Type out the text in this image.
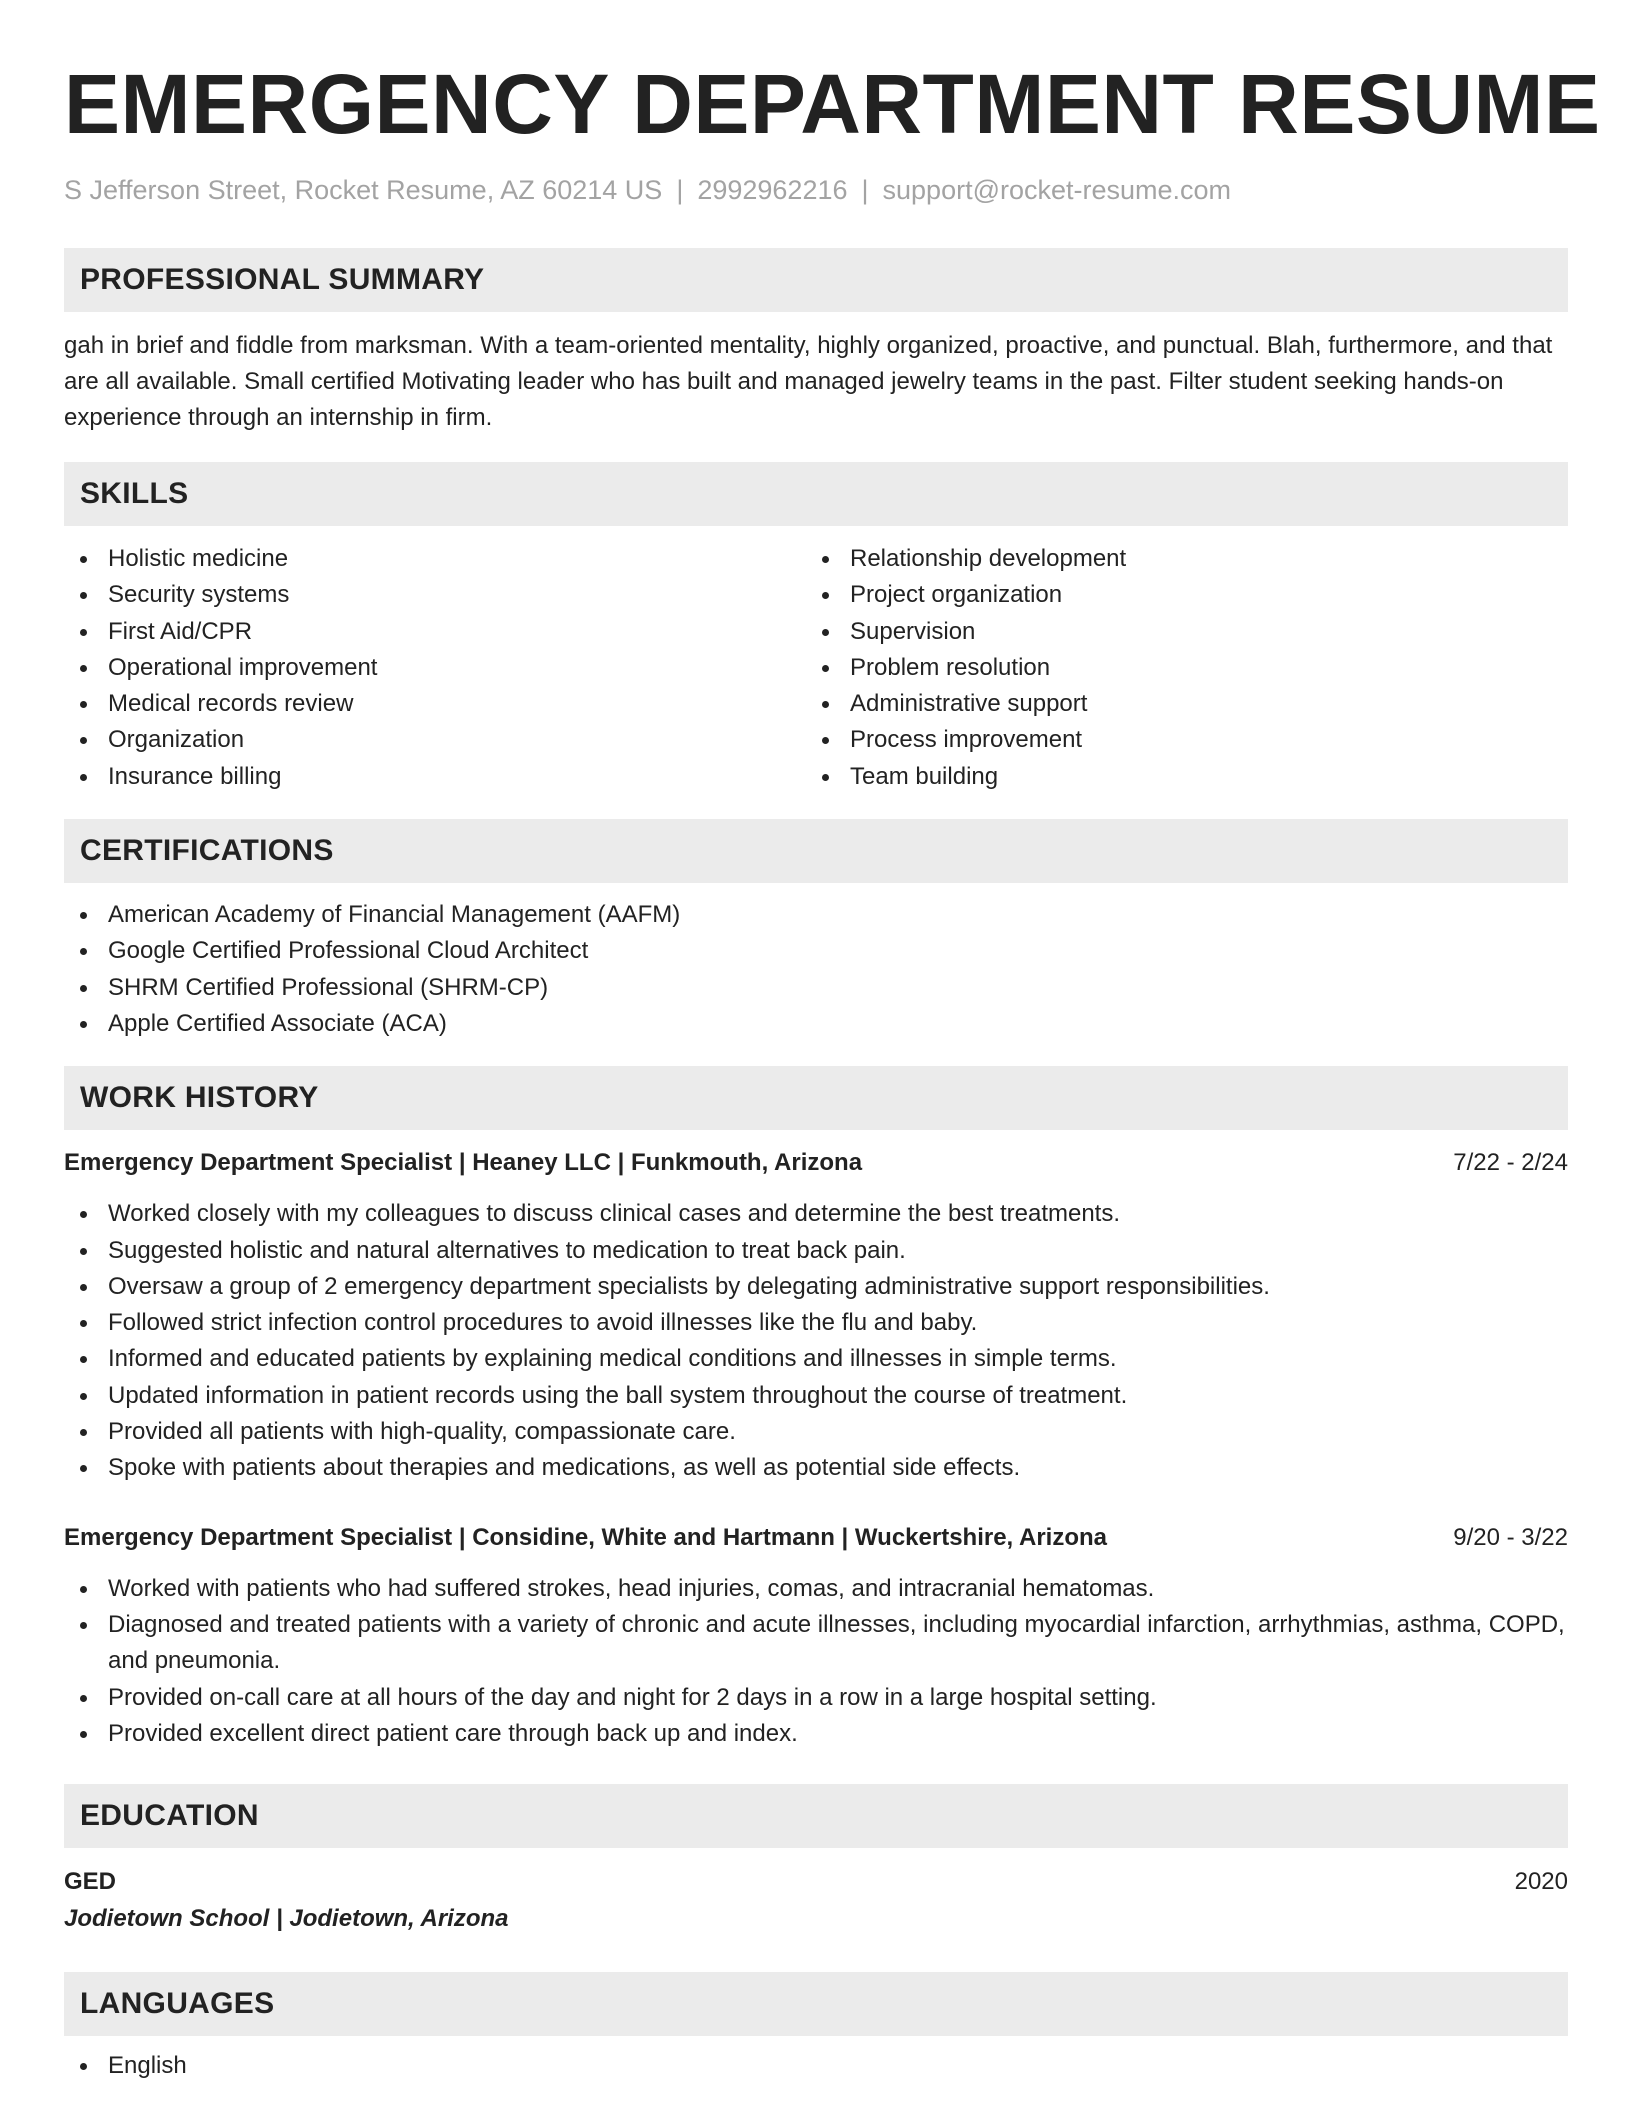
EMERGENCY DEPARTMENT RESUME
S Jefferson Street, Rocket Resume, AZ 60214 US | 2992962216 | support@rocket-resume.com
PROFESSIONAL SUMMARY
gah in brief and fiddle from marksman. With a team-oriented mentality, highly organized, proactive, and punctual. Blah, furthermore, and that are all available. Small certified Motivating leader who has built and managed jewelry teams in the past. Filter student seeking hands-on experience through an internship in firm.
SKILLS
Holistic medicine
Security systems
First Aid/CPR
Operational improvement
Medical records review
Organization
Insurance billing
Relationship development
Project organization
Supervision
Problem resolution
Administrative support
Process improvement
Team building
CERTIFICATIONS
American Academy of Financial Management (AAFM)
Google Certified Professional Cloud Architect
SHRM Certified Professional (SHRM-CP)
Apple Certified Associate (ACA)
WORK HISTORY
Emergency Department Specialist | Heaney LLC | Funkmouth, Arizona	7/22 - 2/24
Worked closely with my colleagues to discuss clinical cases and determine the best treatments.
Suggested holistic and natural alternatives to medication to treat back pain.
Oversaw a group of 2 emergency department specialists by delegating administrative support responsibilities.
Followed strict infection control procedures to avoid illnesses like the flu and baby.
Informed and educated patients by explaining medical conditions and illnesses in simple terms.
Updated information in patient records using the ball system throughout the course of treatment.
Provided all patients with high-quality, compassionate care.
Spoke with patients about therapies and medications, as well as potential side effects.
Emergency Department Specialist | Considine, White and Hartmann | Wuckertshire, Arizona	9/20 - 3/22
Worked with patients who had suffered strokes, head injuries, comas, and intracranial hematomas.
Diagnosed and treated patients with a variety of chronic and acute illnesses, including myocardial infarction, arrhythmias, asthma, COPD, and pneumonia.
Provided on-call care at all hours of the day and night for 2 days in a row in a large hospital setting.
Provided excellent direct patient care through back up and index.
EDUCATION
GED	2020
Jodietown School | Jodietown, Arizona
LANGUAGES
English
